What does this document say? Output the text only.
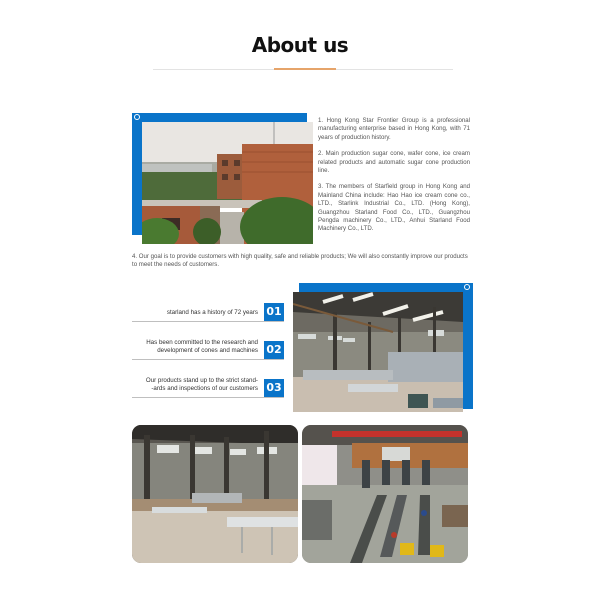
About us

1. Hong Kong Star Frontier Group is a professional manufacturing enterprise based in Hong Kong, with 71 years of production history.

2. Main production sugar cone, wafer cone, ice cream related products and automatic sugar cone production line.

3. The members of Starfield group in Hong Kong and Mainland China include: Hao Hao ice cream cone co., LTD., Starlink Industrial Co., LTD. (Hong Kong), Guangzhou Starland Food Co., LTD., Guangzhou Pengda machinery Co., LTD., Anhui Starland Food Machinery Co., LTD.

4. Our goal is to provide customers with high quality, safe and reliable products; We will also constantly improve our products to meet the needs of customers.
starland has a history of 72 years 01
Has been committed to the research and
development of cones and machines 02
Our products stand up to the strict stand-
-ards and inspections of our customers 03
